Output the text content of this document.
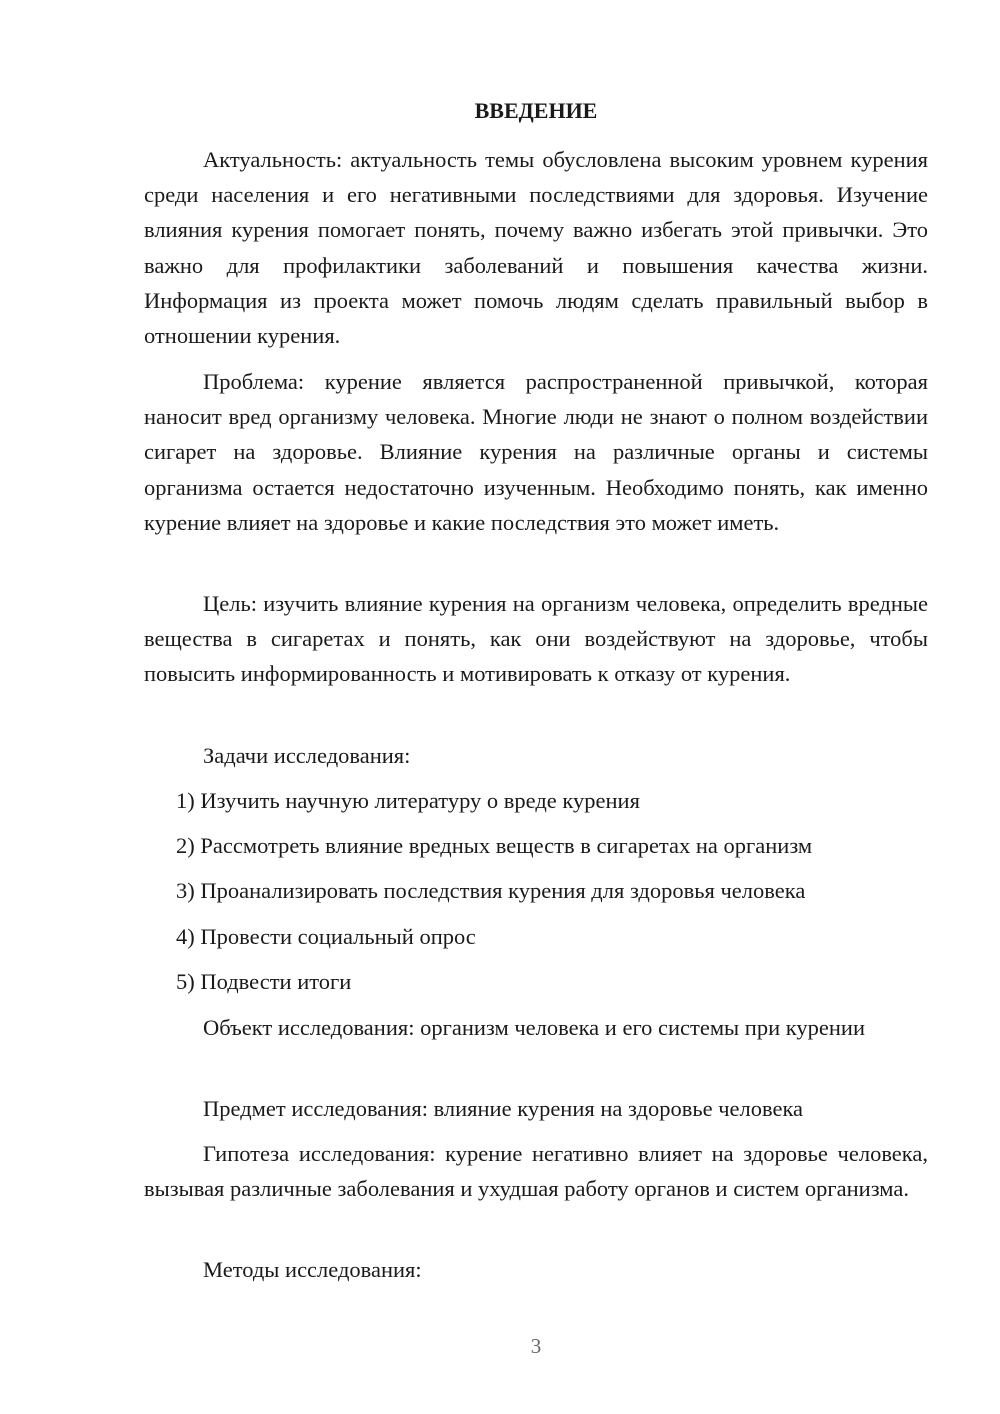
ВВЕДЕНИЕ

Актуальность: актуальность темы обусловлена высоким уровнем курения среди населения и его негативными последствиями для здоровья. Изучение влияния курения помогает понять, почему важно избегать этой привычки. Это важно для профилактики заболеваний и повышения качества жизни. Информация из проекта может помочь людям сделать правильный выбор в отношении курения.

Проблема: курение является распространенной привычкой, которая наносит вред организму человека. Многие люди не знают о полном воздействии сигарет на здоровье. Влияние курения на различные органы и системы организма остается недостаточно изученным. Необходимо понять, как именно курение влияет на здоровье и какие последствия это может иметь.

Цель: изучить влияние курения на организм человека, определить вредные вещества в сигаретах и понять, как они воздействуют на здоровье, чтобы повысить информированность и мотивировать к отказу от курения.

Задачи исследования:

1) Изучить научную литературу о вреде курения

2) Рассмотреть влияние вредных веществ в сигаретах на организм

3) Проанализировать последствия курения для здоровья человека

4) Провести социальный опрос

5) Подвести итоги

Объект исследования: организм человека и его системы при курении

Предмет исследования: влияние курения на здоровье человека

Гипотеза исследования: курение негативно влияет на здоровье человека, вызывая различные заболевания и ухудшая работу органов и систем организма.

Методы исследования:

3
